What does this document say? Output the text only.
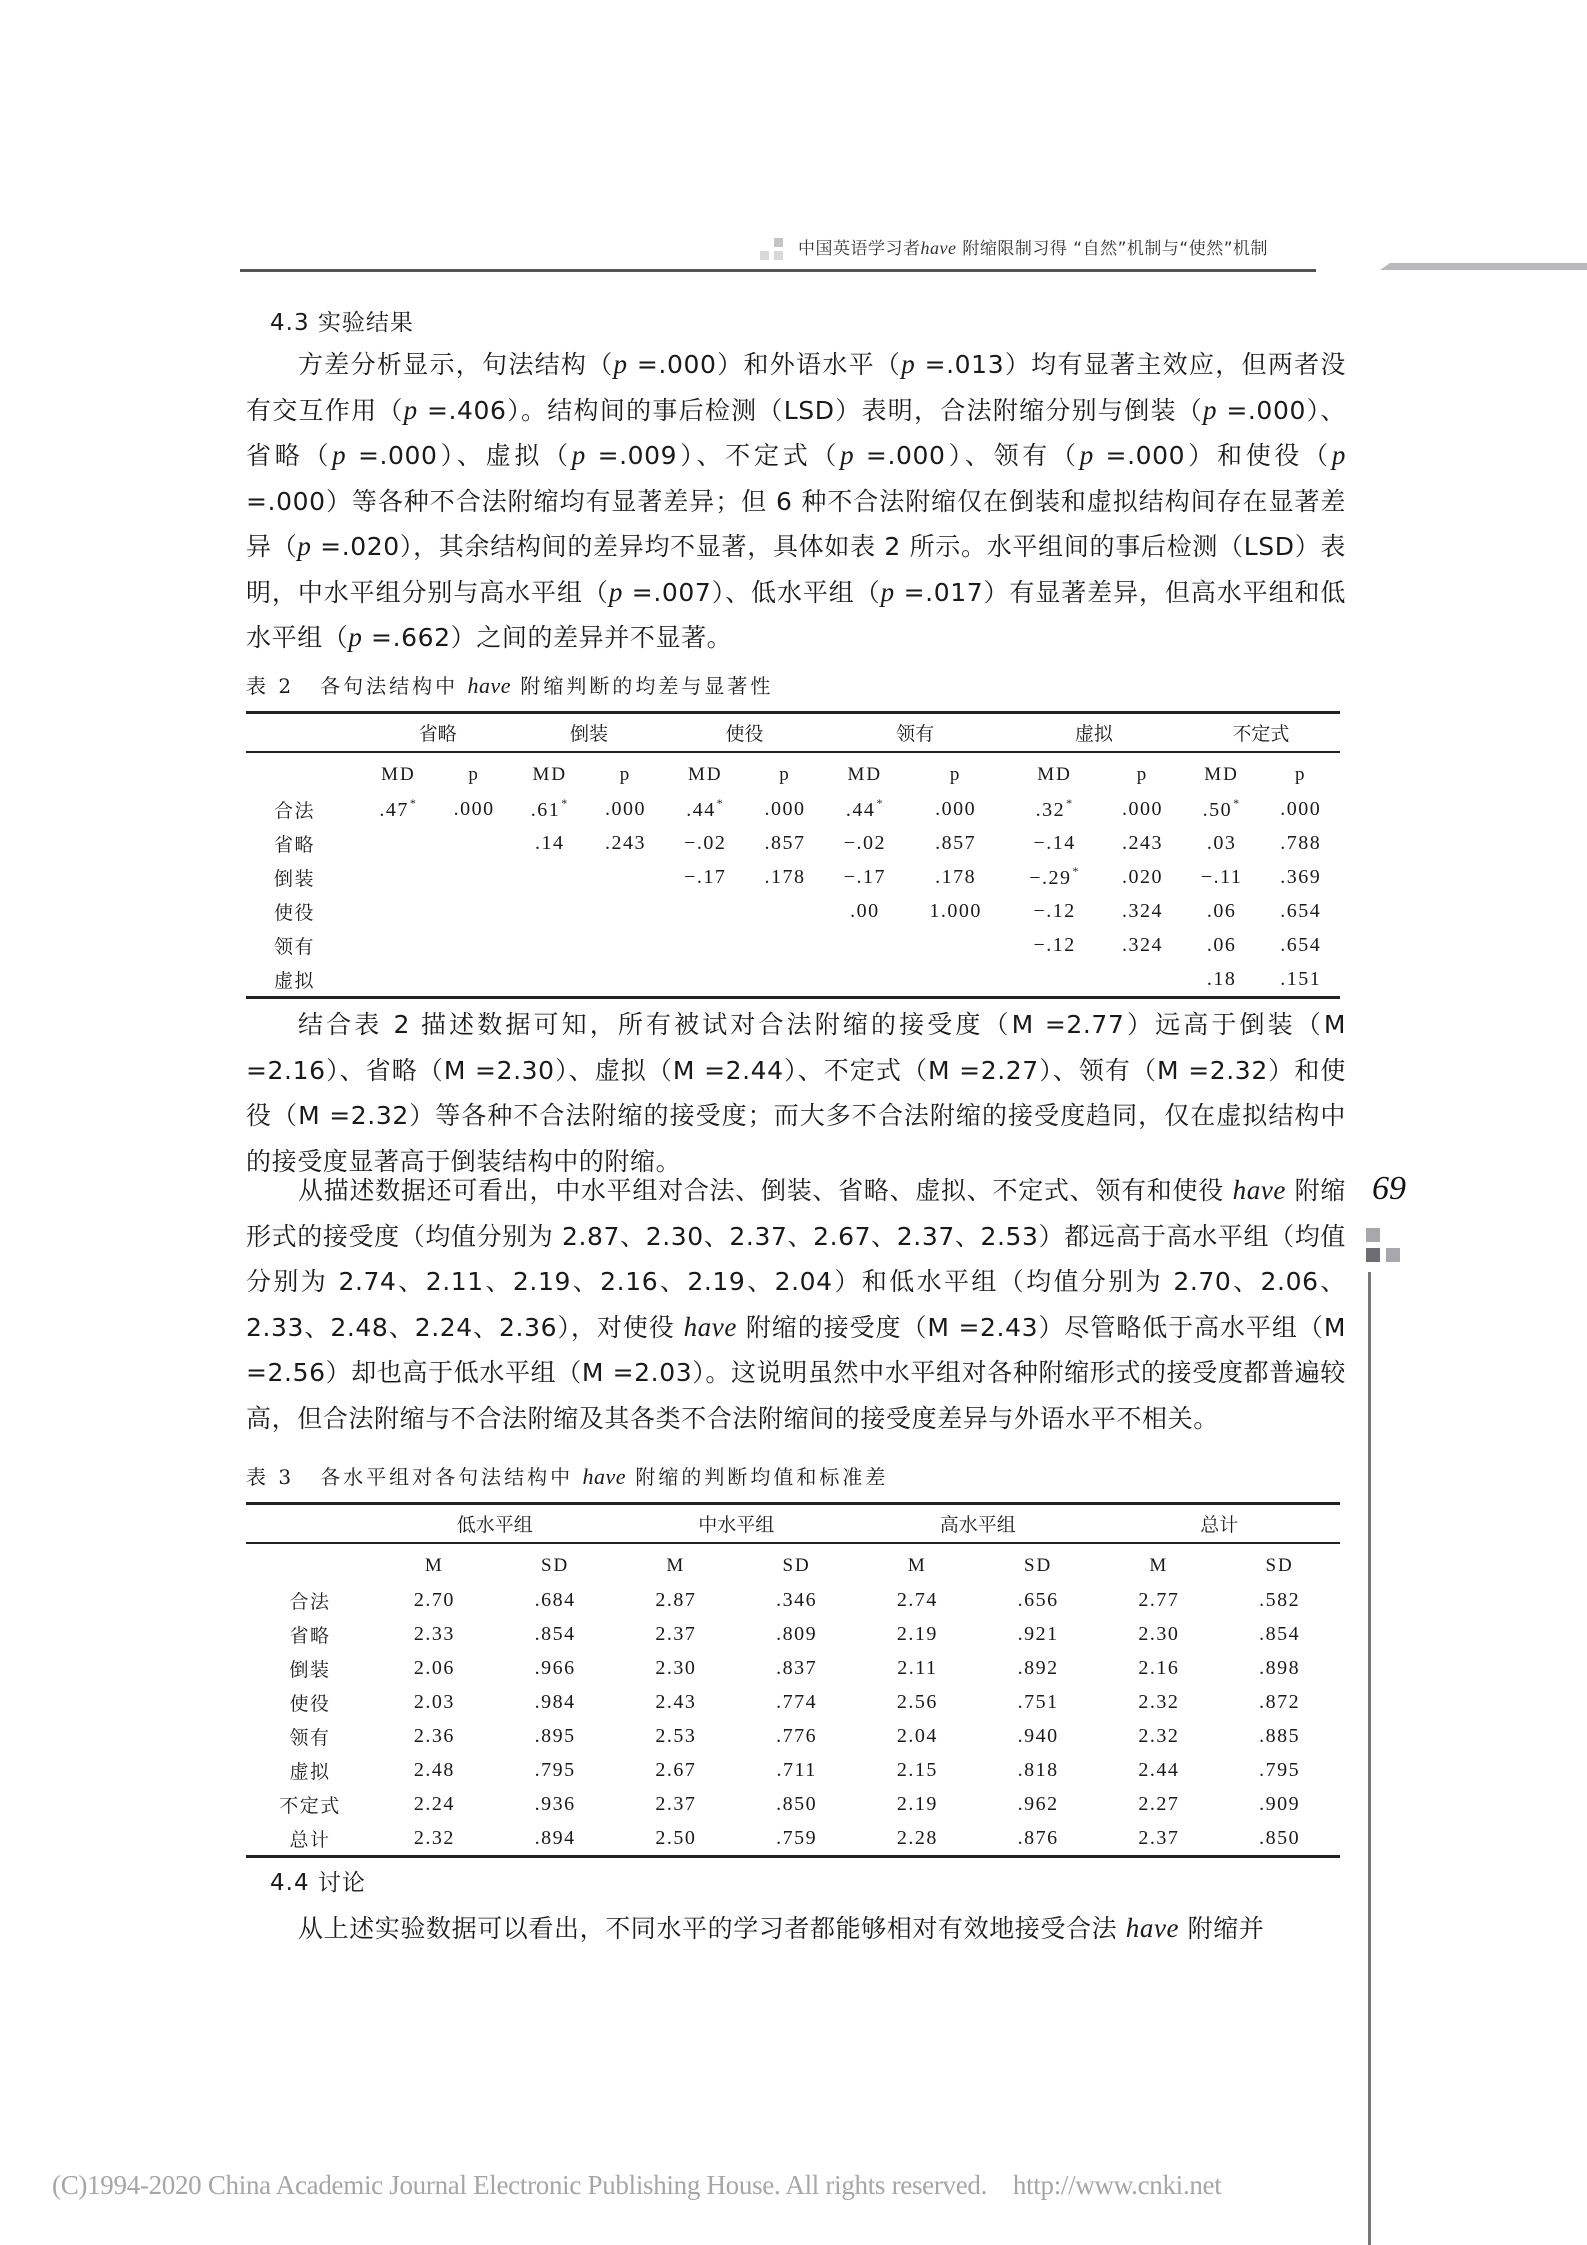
中国英语学习者have 附缩限制习得 “自然”机制与“使然”机制
69
4.3 实验结果
方差分析显示，句法结构（p =.000）和外语水平（p =.013）均有显著主效应，但两者没有交互作用（p =.406）。结构间的事后检测（LSD）表明，合法附缩分别与倒装（p =.000）、省略（p =.000）、虚拟（p =.009）、不定式（p =.000）、领有（p =.000）和使役（p =.000）等各种不合法附缩均有显著差异；但 6 种不合法附缩仅在倒装和虚拟结构间存在显著差异（p =.020），其余结构间的差异均不显著，具体如表 2 所示。水平组间的事后检测（LSD）表明，中水平组分别与高水平组（p =.007）、低水平组（p =.017）有显著差异，但高水平组和低水平组（p =.662）之间的差异并不显著。
表 2 各句法结构中 have 附缩判断的均差与显著性
	省略		倒装		使役		领有		虚拟		不定式	
	MD	p	MD	p	MD	p	MD	p	MD	p	MD	p
合法	.47*	.000	.61*	.000	.44*	.000	.44*	.000	.32*	.000	.50*	.000
省略			.14	.243	−.02	.857	−.02	.857	−.14	.243	.03	.788
倒装					−.17	.178	−.17	.178	−.29*	.020	−.11	.369
使役							.00	1.000	−.12	.324	.06	.654
领有									−.12	.324	.06	.654
虚拟											.18	.151
结合表 2 描述数据可知，所有被试对合法附缩的接受度（M =2.77）远高于倒装（M =2.16）、省略（M =2.30）、虚拟（M =2.44）、不定式（M =2.27）、领有（M =2.32）和使役（M =2.32）等各种不合法附缩的接受度；而大多不合法附缩的接受度趋同，仅在虚拟结构中的接受度显著高于倒装结构中的附缩。
从描述数据还可看出，中水平组对合法、倒装、省略、虚拟、不定式、领有和使役 have 附缩形式的接受度（均值分别为 2.87、2.30、2.37、2.67、2.37、2.53）都远高于高水平组（均值分别为 2.74、2.11、2.19、2.16、2.19、2.04）和低水平组（均值分别为 2.70、2.06、2.33、2.48、2.24、2.36），对使役 have 附缩的接受度（M =2.43）尽管略低于高水平组（M =2.56）却也高于低水平组（M =2.03）。这说明虽然中水平组对各种附缩形式的接受度都普遍较高，但合法附缩与不合法附缩及其各类不合法附缩间的接受度差异与外语水平不相关。
表 3 各水平组对各句法结构中 have 附缩的判断均值和标准差
	低水平组		中水平组		高水平组		总计	
	M	SD	M	SD	M	SD	M	SD
合法	2.70	.684	2.87	.346	2.74	.656	2.77	.582
省略	2.33	.854	2.37	.809	2.19	.921	2.30	.854
倒装	2.06	.966	2.30	.837	2.11	.892	2.16	.898
使役	2.03	.984	2.43	.774	2.56	.751	2.32	.872
领有	2.36	.895	2.53	.776	2.04	.940	2.32	.885
虚拟	2.48	.795	2.67	.711	2.15	.818	2.44	.795
不定式	2.24	.936	2.37	.850	2.19	.962	2.27	.909
总计	2.32	.894	2.50	.759	2.28	.876	2.37	.850
4.4 讨论
从上述实验数据可以看出，不同水平的学习者都能够相对有效地接受合法 have 附缩并
(C)1994-2020 China Academic Journal Electronic Publishing House. All rights reserved. http://www.cnki.net
